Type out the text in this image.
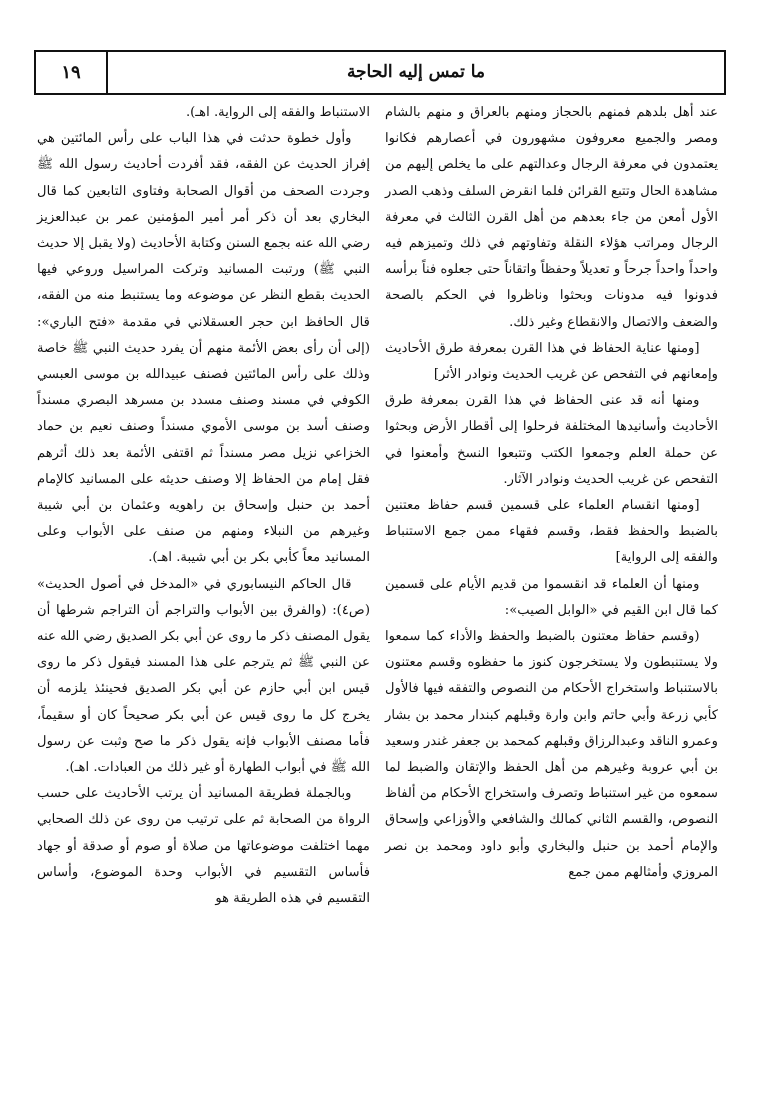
ما تمس إليه الحاجة
١٩

عند أهل بلدهم فمنهم بالحجاز ومنهم بالعراق و منهم بالشام ومصر والجميع معروفون مشهورون في أعصارهم فكانوا يعتمدون في معرفة الرجال وعدالتهم على ما يخلص إليهم من مشاهدة الحال وتتبع القرائن فلما انقرض السلف وذهب الصدر الأول أمعن من جاء بعدهم من أهل القرن الثالث في معرفة الرجال ومراتب هؤلاء النقلة وتفاوتهم في ذلك وتميزهم فيه واحداً واحداً جرحاً و تعديلاً وحفظاً واتقاناً حتى جعلوه فناً برأسه فدونوا فيه مدونات وبحثوا وناظروا في الحكم بالصحة والضعف والاتصال والانقطاع وغير ذلك.

[ومنها عناية الحفاظ في هذا القرن بمعرفة طرق الأحاديث وإمعانهم في التفحص عن غريب الحديث ونوادر الأثر]

ومنها أنه قد عنى الحفاظ في هذا القرن بمعرفة طرق الأحاديث وأسانيدها المختلفة فرحلوا إلى أقطار الأرض وبحثوا عن حملة العلم وجمعوا الكتب وتتبعوا النسخ وأمعنوا في التفحص عن غريب الحديث ونوادر الآثار.

[ومنها انقسام العلماء على قسمين قسم حفاظ معتنين بالضبط والحفظ فقط، وقسم فقهاء ممن جمع الاستنباط والفقه إلى الرواية]

ومنها أن العلماء قد انقسموا من قديم الأيام على قسمين كما قال ابن القيم في «الوابل الصيب»:

(وقسم حفاظ معتنون بالضبط والحفظ والأداء كما سمعوا ولا يستنبطون ولا يستخرجون كنوز ما حفظوه وقسم معتنون بالاستنباط واستخراج الأحكام من النصوص والتفقه فيها فالأول كأبي زرعة وأبي حاتم وابن وارة وقبلهم كبندار محمد بن بشار وعمرو الناقد وعبدالرزاق وقبلهم كمحمد بن جعفر غندر وسعيد بن أبي عروبة وغيرهم من أهل الحفظ والإتقان والضبط لما سمعوه من غير استنباط وتصرف واستخراج الأحكام من ألفاظ النصوص، والقسم الثاني كمالك والشافعي والأوزاعي وإسحاق والإمام أحمد بن حنبل والبخاري وأبو داود ومحمد بن نصر المروزي وأمثالهم ممن جمع

الاستنباط والفقه إلى الرواية. اهـ).

وأول خطوة حدثت في هذا الباب على رأس المائتين هي إفراز الحديث عن الفقه، فقد أفردت أحاديث رسول الله ﷺ وجردت الصحف من أقوال الصحابة وفتاوى التابعين كما قال البخاري بعد أن ذكر أمر أمير المؤمنين عمر بن عبدالعزيز رضي الله عنه بجمع السنن وكتابة الأحاديث (ولا يقبل إلا حديث النبي ﷺ) ورتبت المسانيد وتركت المراسيل وروعي فيها الحديث بقطع النظر عن موضوعه وما يستنبط منه من الفقه، قال الحافظ ابن حجر العسقلاني في مقدمة «فتح الباري»: (إلى أن رأى بعض الأئمة منهم أن يفرد حديث النبي ﷺ خاصة وذلك على رأس المائتين فصنف عبيدالله بن موسى العبسي الكوفي في مسند وصنف مسدد بن مسرهد البصري مسنداً وصنف أسد بن موسى الأموي مسنداً وصنف نعيم بن حماد الخزاعي نزيل مصر مسنداً ثم اقتفى الأئمة بعد ذلك أثرهم فقل إمام من الحفاظ إلا وصنف حديثه على المسانيد كالإمام أحمد بن حنبل وإسحاق بن راهويه وعثمان بن أبي شيبة وغيرهم من النبلاء ومنهم من صنف على الأبواب وعلى المسانيد معاً كأبي بكر بن أبي شيبة. اهـ).

قال الحاكم النيسابوري في «المدخل في أصول الحديث» (ص٤): (والفرق بين الأبواب والتراجم أن التراجم شرطها أن يقول المصنف ذكر ما روى عن أبي بكر الصديق رضي الله عنه عن النبي ﷺ ثم يترجم على هذا المسند فيقول ذكر ما روى قيس ابن أبي حازم عن أبي بكر الصديق فحينئذ يلزمه أن يخرج كل ما روى قيس عن أبي بكر صحيحاً كان أو سقيماً، فأما مصنف الأبواب فإنه يقول ذكر ما صح وثبت عن رسول الله ﷺ في أبواب الطهارة أو غير ذلك من العبادات. اهـ).

وبالجملة فطريقة المسانيد أن يرتب الأحاديث على حسب الرواة من الصحابة ثم على ترتيب من روى عن ذلك الصحابي مهما اختلفت موضوعاتها من صلاة أو صوم أو صدقة أو جهاد فأساس التقسيم في الأبواب وحدة الموضوع، وأساس التقسيم في هذه الطريقة هو
